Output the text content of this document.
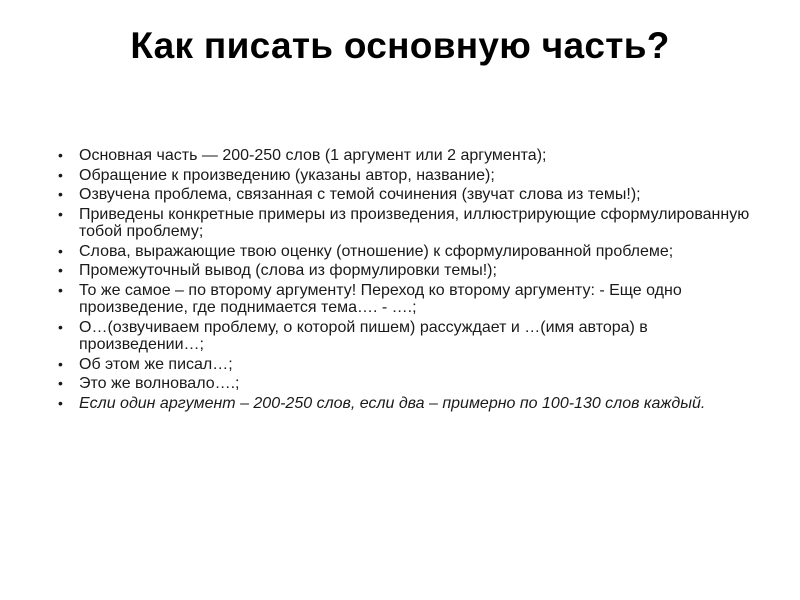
Как писать основную часть?
•	Основная часть — 200-250 слов (1 аргумент или 2 аргумента);
•	Обращение к произведению (указаны автор, название);
•	Озвучена проблема, связанная с темой сочинения (звучат слова из темы!);
•	Приведены конкретные примеры из произведения, иллюстрирующие сформулированную тобой проблему;
•	Слова, выражающие твою оценку (отношение) к сформулированной проблеме;
•	Промежуточный вывод (слова из формулировки темы!);
•	То же самое – по второму аргументу! Переход ко второму аргументу: - Еще одно произведение, где поднимается тема…. - ….;
•	О…(озвучиваем проблему, о которой пишем) рассуждает и …(имя автора) в произведении…;
•	Об этом же писал…;
•	Это же волновало….;
•	Если один аргумент – 200-250 слов, если два – примерно по 100-130 слов каждый.
